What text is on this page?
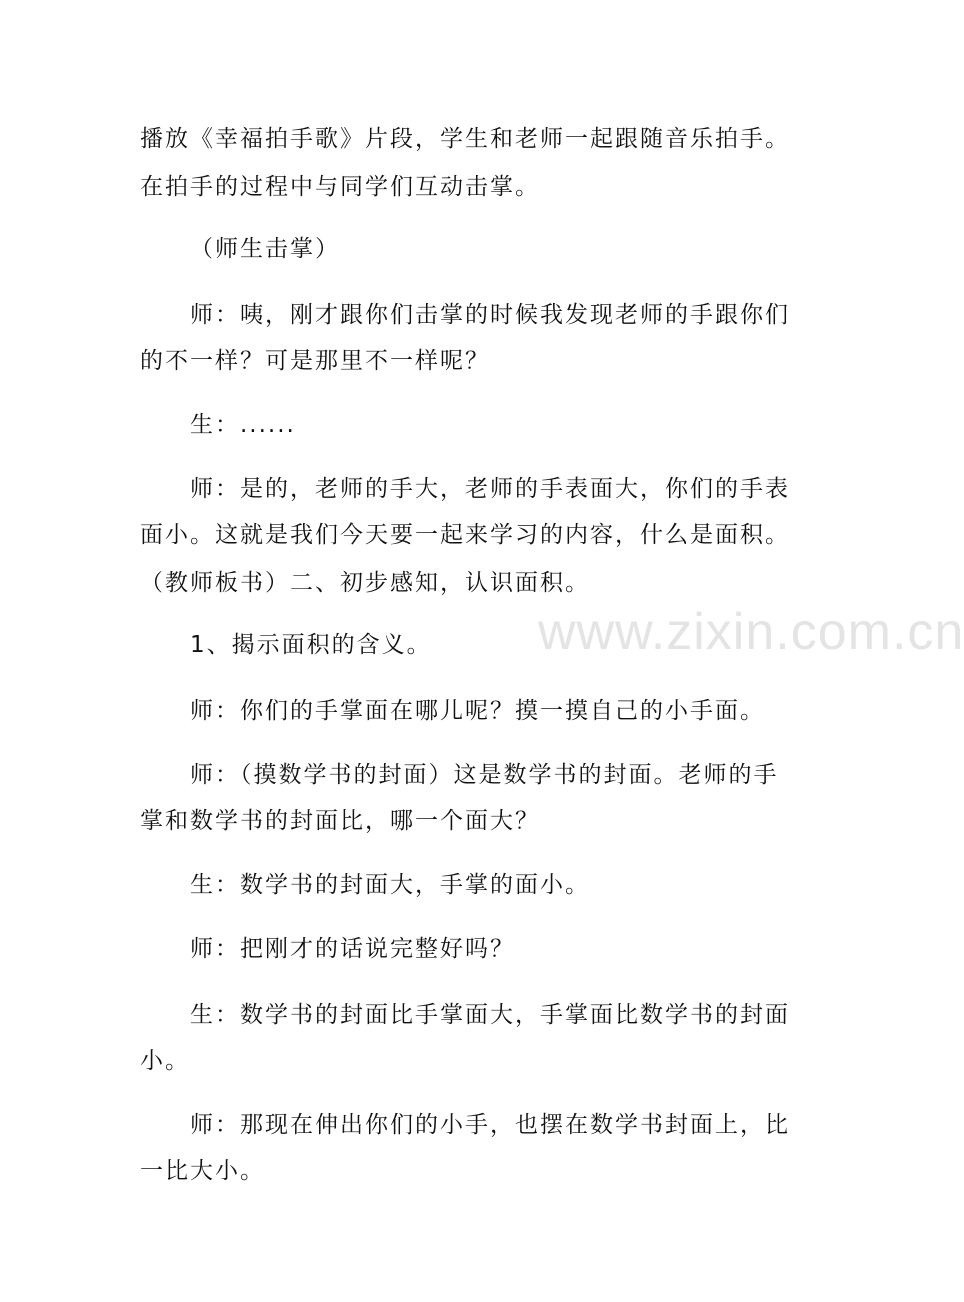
播放《幸福拍手歌》片段，学生和老师一起跟随音乐拍手。

在拍手的过程中与同学们互动击掌。

（师生击掌）

师：咦，刚才跟你们击掌的时候我发现老师的手跟你们

的不一样？可是那里不一样呢？

生：......

师：是的，老师的手大，老师的手表面大，你们的手表

面小。这就是我们今天要一起来学习的内容，什么是面积。

（教师板书）二、初步感知，认识面积。

1、揭示面积的含义。

师：你们的手掌面在哪儿呢？摸一摸自己的小手面。

师：（摸数学书的封面）这是数学书的封面。老师的手

掌和数学书的封面比，哪一个面大？

生：数学书的封面大，手掌的面小。

师：把刚才的话说完整好吗？

生：数学书的封面比手掌面大，手掌面比数学书的封面

小。

师：那现在伸出你们的小手，也摆在数学书封面上，比

一比大小。

www.zixin.com.cn
